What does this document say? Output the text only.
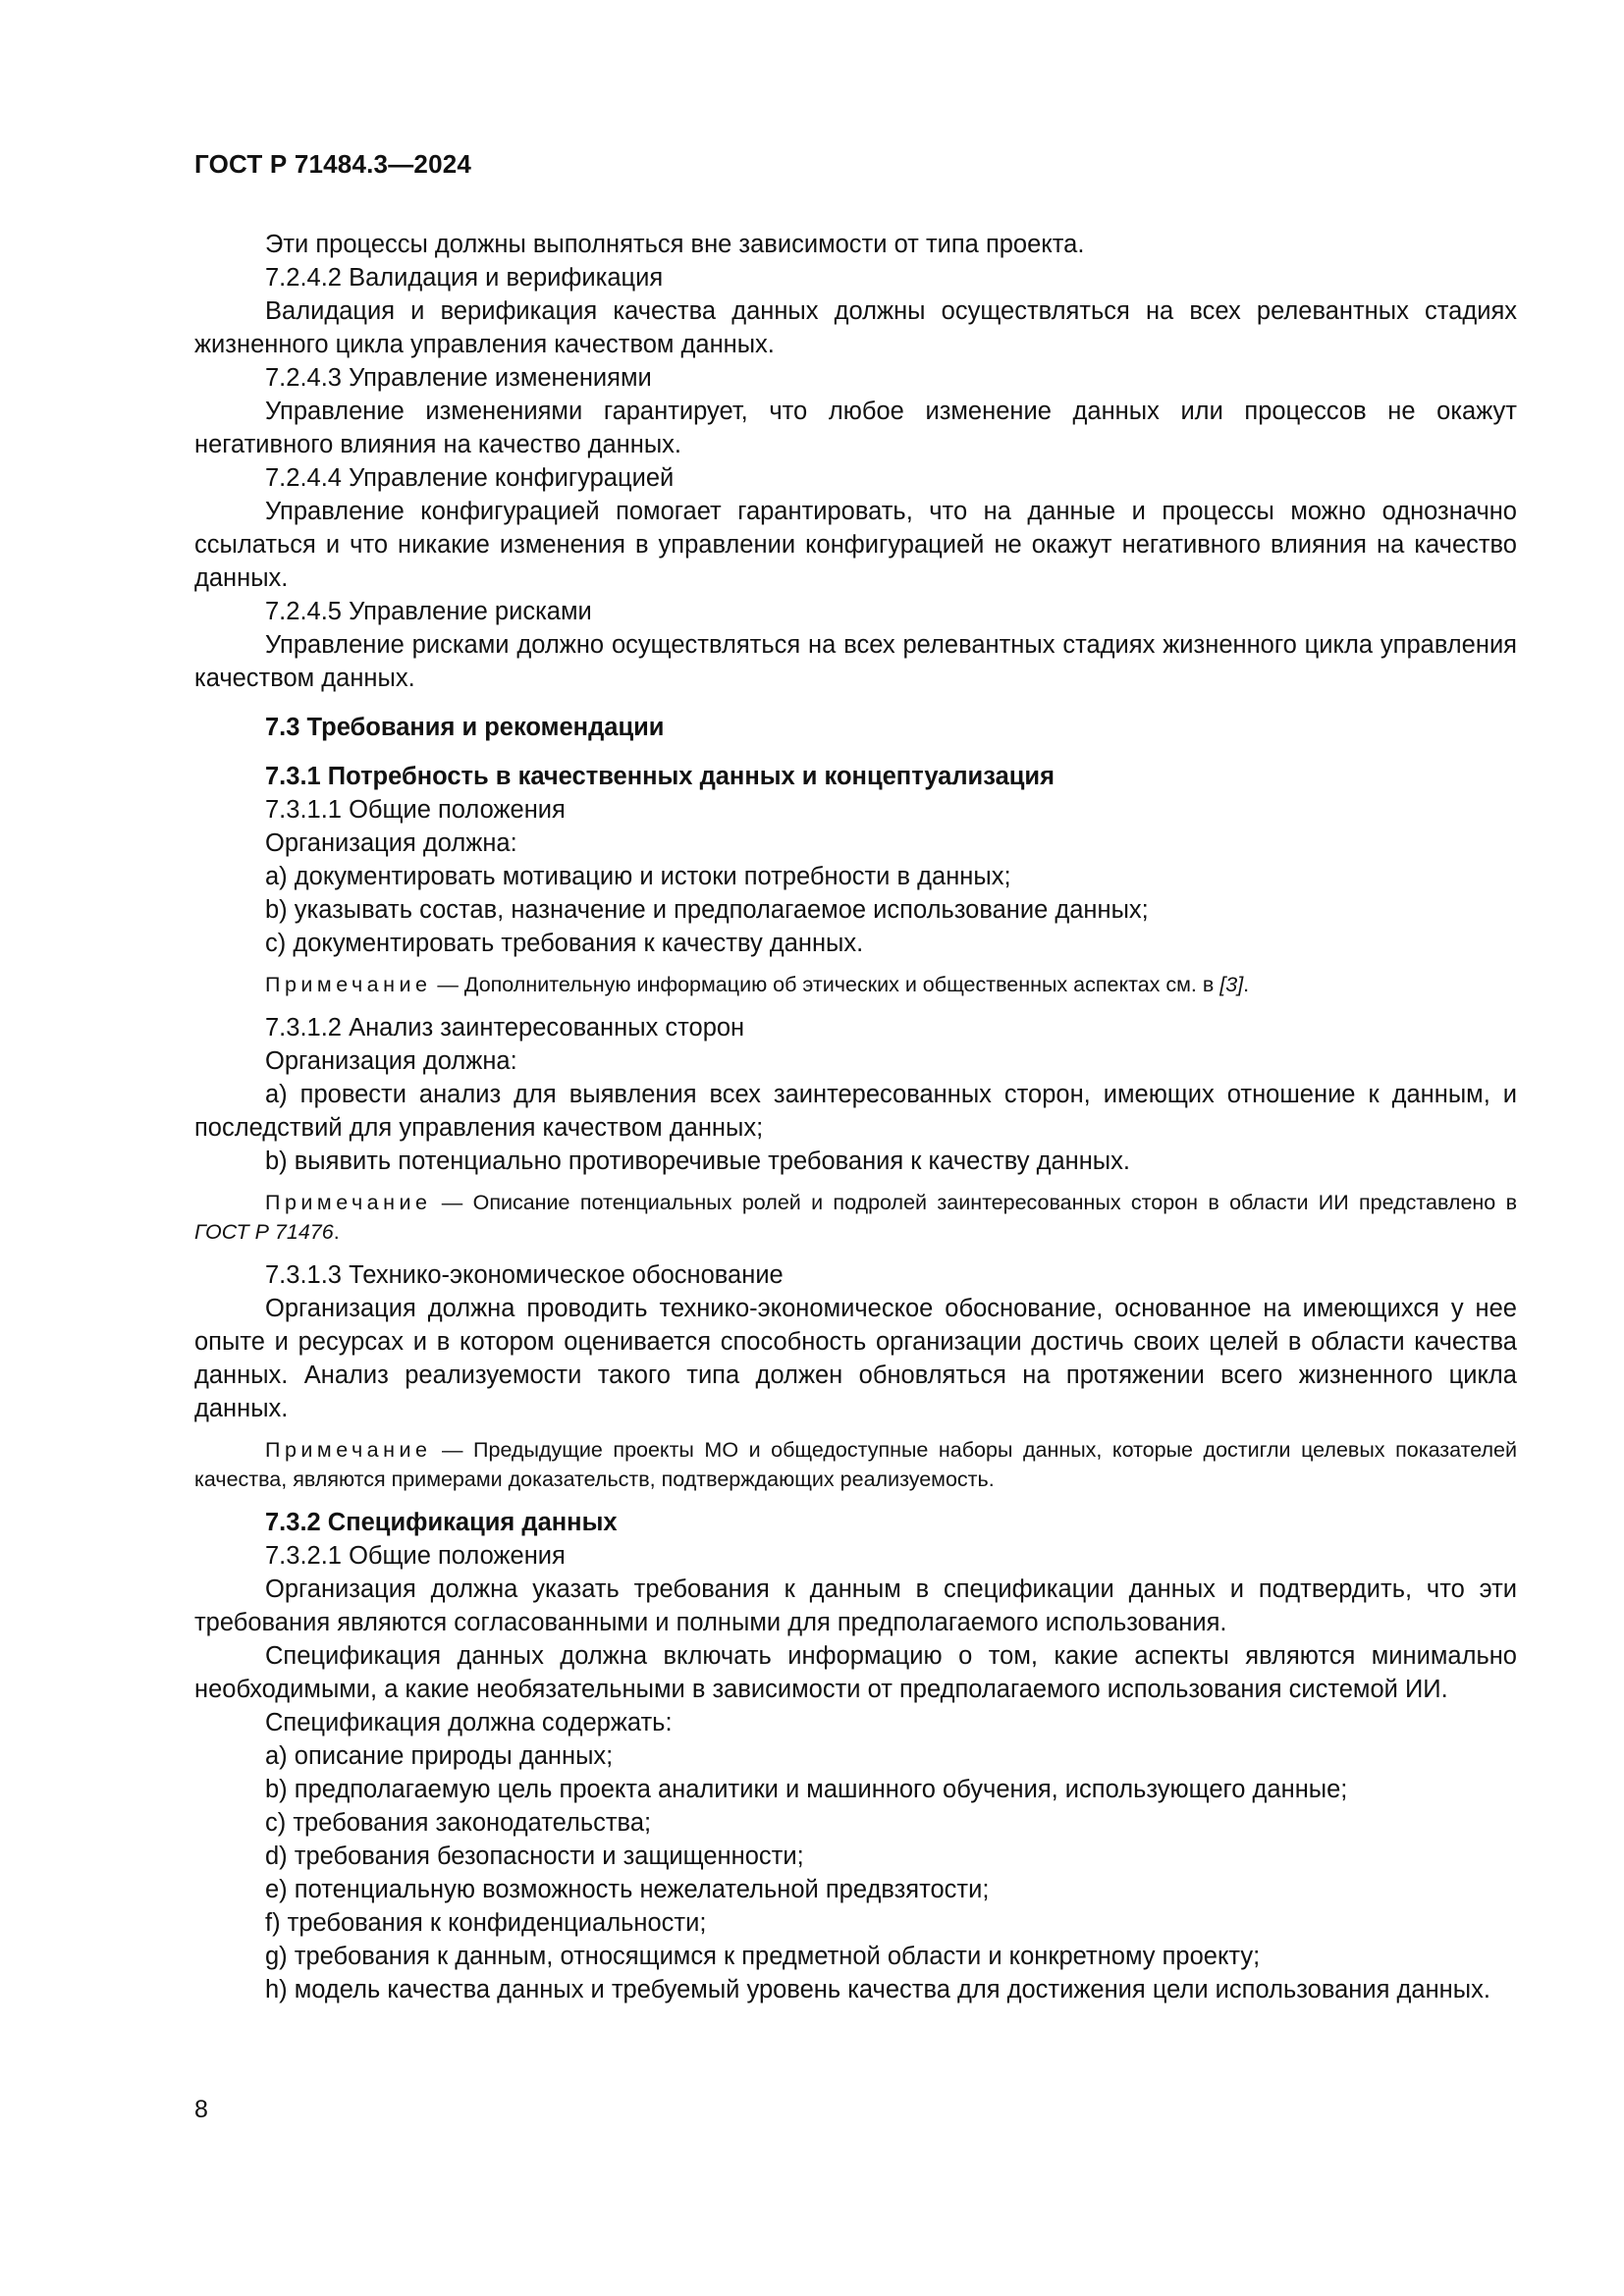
ГОСТ Р 71484.3—2024

Эти процессы должны выполняться вне зависимости от типа проекта.

7.2.4.2 Валидация и верификация

Валидация и верификация качества данных должны осуществляться на всех релевантных стадиях жизненного цикла управления качеством данных.

7.2.4.3 Управление изменениями

Управление изменениями гарантирует, что любое изменение данных или процессов не окажут негативного влияния на качество данных.

7.2.4.4 Управление конфигурацией

Управление конфигурацией помогает гарантировать, что на данные и процессы можно однозначно ссылаться и что никакие изменения в управлении конфигурацией не окажут негативного влияния на качество данных.

7.2.4.5 Управление рисками

Управление рисками должно осуществляться на всех релевантных стадиях жизненного цикла управления качеством данных.

7.3 Требования и рекомендации

7.3.1 Потребность в качественных данных и концептуализация

7.3.1.1 Общие положения

Организация должна:

a) документировать мотивацию и истоки потребности в данных;

b) указывать состав, назначение и предполагаемое использование данных;

c) документировать требования к качеству данных.

Примечание — Дополнительную информацию об этических и общественных аспектах см. в [3].

7.3.1.2 Анализ заинтересованных сторон

Организация должна:

a) провести анализ для выявления всех заинтересованных сторон, имеющих отношение к данным, и последствий для управления качеством данных;

b) выявить потенциально противоречивые требования к качеству данных.

Примечание — Описание потенциальных ролей и подролей заинтересованных сторон в области ИИ представлено в ГОСТ Р 71476.

7.3.1.3 Технико-экономическое обоснование

Организация должна проводить технико-экономическое обоснование, основанное на имеющихся у нее опыте и ресурсах и в котором оценивается способность организации достичь своих целей в области качества данных. Анализ реализуемости такого типа должен обновляться на протяжении всего жизненного цикла данных.

Примечание — Предыдущие проекты МО и общедоступные наборы данных, которые достигли целевых показателей качества, являются примерами доказательств, подтверждающих реализуемость.

7.3.2 Спецификация данных

7.3.2.1 Общие положения

Организация должна указать требования к данным в спецификации данных и подтвердить, что эти требования являются согласованными и полными для предполагаемого использования.

Спецификация данных должна включать информацию о том, какие аспекты являются минимально необходимыми, а какие необязательными в зависимости от предполагаемого использования системой ИИ.

Спецификация должна содержать:

a) описание природы данных;

b) предполагаемую цель проекта аналитики и машинного обучения, использующего данные;

c) требования законодательства;

d) требования безопасности и защищенности;

e) потенциальную возможность нежелательной предвзятости;

f) требования к конфиденциальности;

g) требования к данным, относящимся к предметной области и конкретному проекту;

h) модель качества данных и требуемый уровень качества для достижения цели использования данных.

8
